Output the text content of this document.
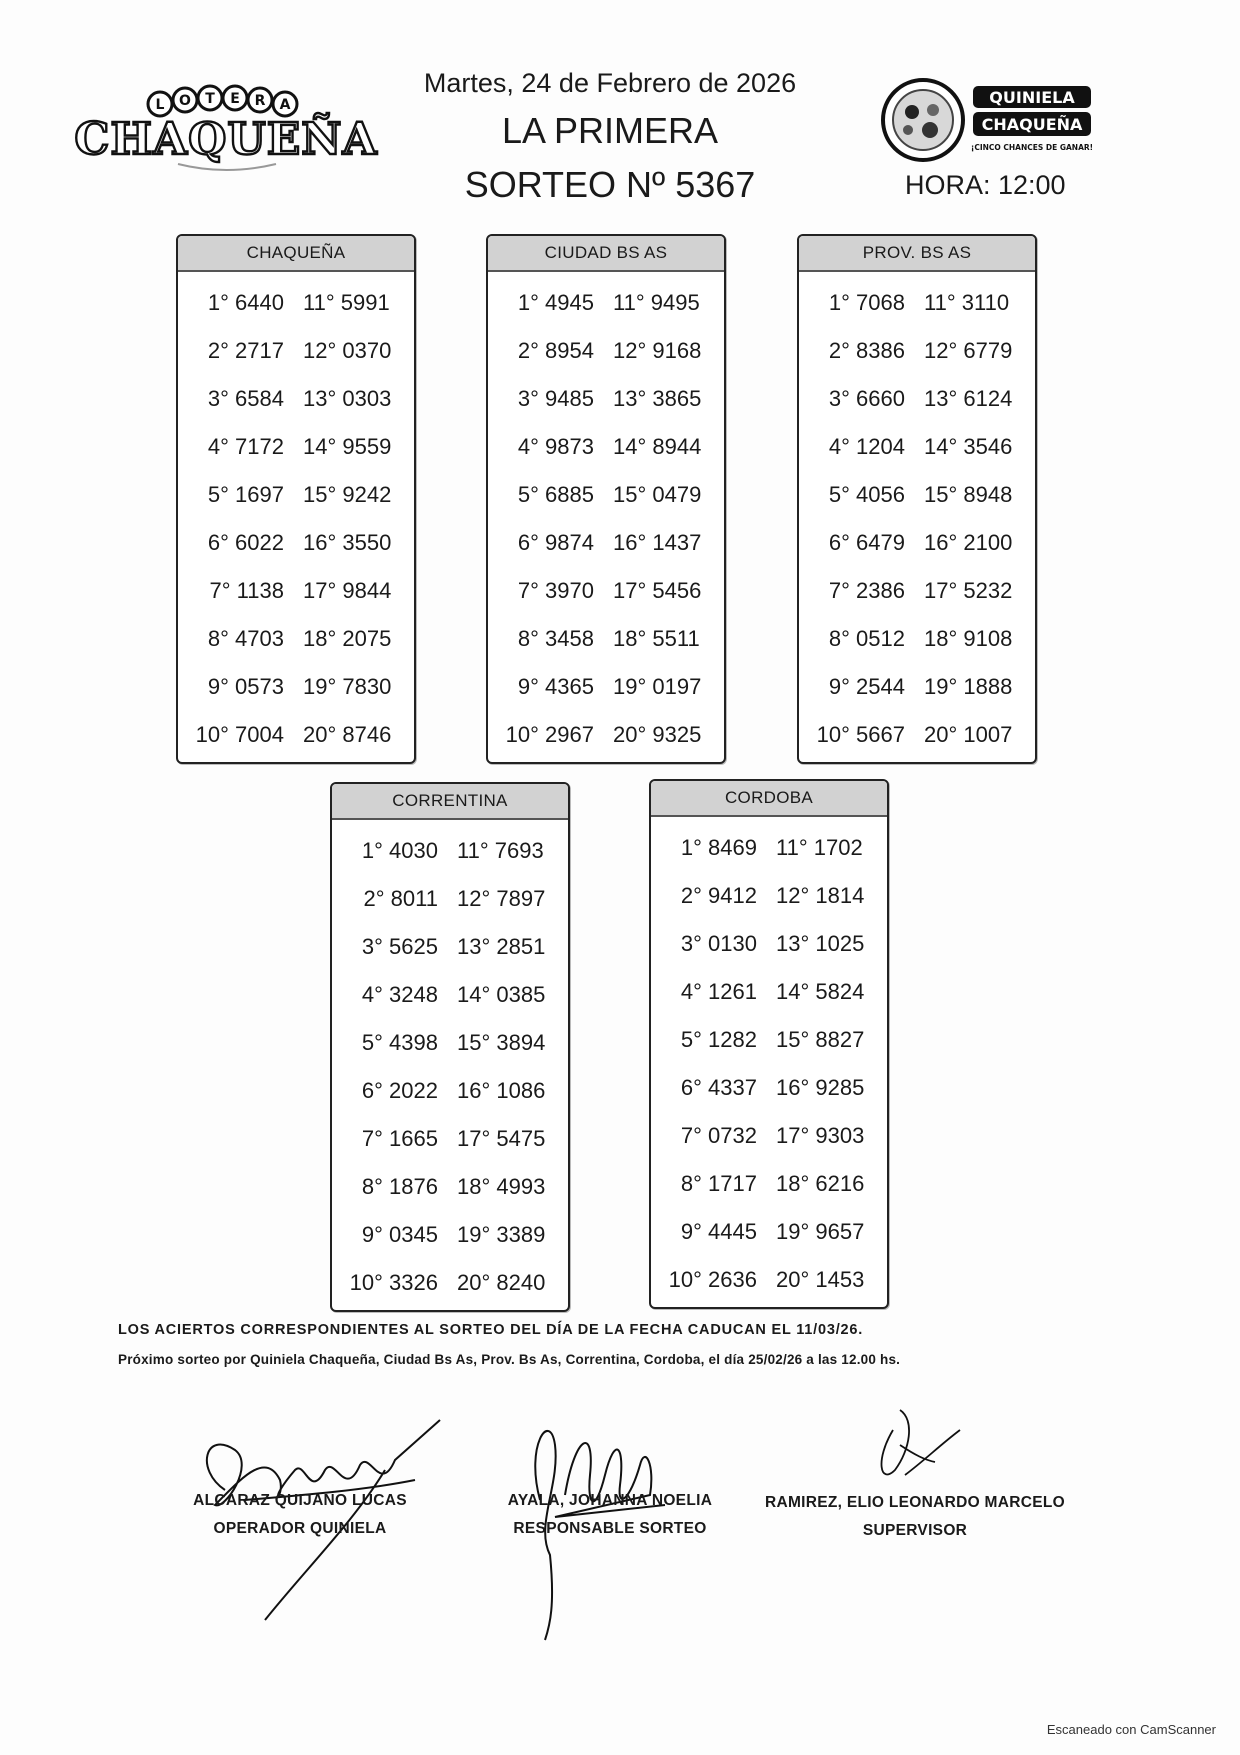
L O T E R A
CHAQUEÑA
Martes, 24 de Febrero de 2026
LA PRIMERA
SORTEO Nº 5367
QUINIELA
CHAQUEÑA
¡CINCO CHANCES DE GANAR!
HORA: 12:00
CHAQUEÑA
1° 6440 11° 5991
2° 2717 12° 0370
3° 6584 13° 0303
4° 7172 14° 9559
5° 1697 15° 9242
6° 6022 16° 3550
7° 1138 17° 9844
8° 4703 18° 2075
9° 0573 19° 7830
10° 7004 20° 8746
CIUDAD BS AS
1° 4945 11° 9495
2° 8954 12° 9168
3° 9485 13° 3865
4° 9873 14° 8944
5° 6885 15° 0479
6° 9874 16° 1437
7° 3970 17° 5456
8° 3458 18° 5511
9° 4365 19° 0197
10° 2967 20° 9325
PROV. BS AS
1° 7068 11° 3110
2° 8386 12° 6779
3° 6660 13° 6124
4° 1204 14° 3546
5° 4056 15° 8948
6° 6479 16° 2100
7° 2386 17° 5232
8° 0512 18° 9108
9° 2544 19° 1888
10° 5667 20° 1007
CORRENTINA
1° 4030 11° 7693
2° 8011 12° 7897
3° 5625 13° 2851
4° 3248 14° 0385
5° 4398 15° 3894
6° 2022 16° 1086
7° 1665 17° 5475
8° 1876 18° 4993
9° 0345 19° 3389
10° 3326 20° 8240
CORDOBA
1° 8469 11° 1702
2° 9412 12° 1814
3° 0130 13° 1025
4° 1261 14° 5824
5° 1282 15° 8827
6° 4337 16° 9285
7° 0732 17° 9303
8° 1717 18° 6216
9° 4445 19° 9657
10° 2636 20° 1453
LOS ACIERTOS CORRESPONDIENTES AL SORTEO DEL DÍA DE LA FECHA CADUCAN EL 11/03/26.
Próximo sorteo por Quiniela Chaqueña, Ciudad Bs As, Prov. Bs As, Correntina, Cordoba, el día 25/02/26 a las 12.00 hs.
ALCARAZ QUIJANO LUCAS
OPERADOR QUINIELA
AYALA, JOHANNA NOELIA
RESPONSABLE SORTEO
RAMIREZ, ELIO LEONARDO MARCELO
SUPERVISOR
Escaneado con CamScanner
